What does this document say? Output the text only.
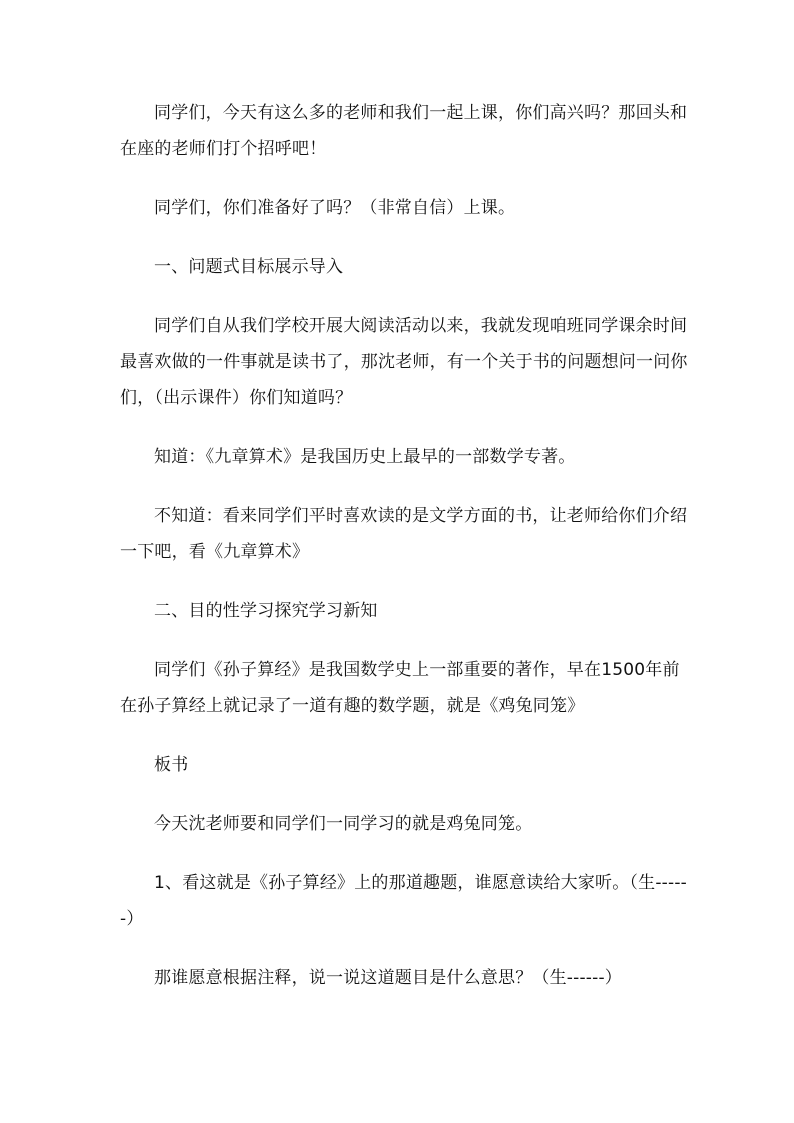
同学们，今天有这么多的老师和我们一起上课，你们高兴吗？那回头和在座的老师们打个招呼吧！

同学们，你们准备好了吗？（非常自信）上课。

一、问题式目标展示导入

同学们自从我们学校开展大阅读活动以来，我就发现咱班同学课余时间最喜欢做的一件事就是读书了，那沈老师，有一个关于书的问题想问一问你们，（出示课件）你们知道吗？

知道：《九章算术》是我国历史上最早的一部数学专著。

不知道：看来同学们平时喜欢读的是文学方面的书，让老师给你们介绍一下吧，看《九章算术》

二、目的性学习探究学习新知

同学们《孙子算经》是我国数学史上一部重要的著作，早在1500年前在孙子算经上就记录了一道有趣的数学题，就是《鸡兔同笼》

板书

今天沈老师要和同学们一同学习的就是鸡兔同笼。

1、看这就是《孙子算经》上的那道趣题，谁愿意读给大家听。（生------）

那谁愿意根据注释，说一说这道题目是什么意思？（生------）
